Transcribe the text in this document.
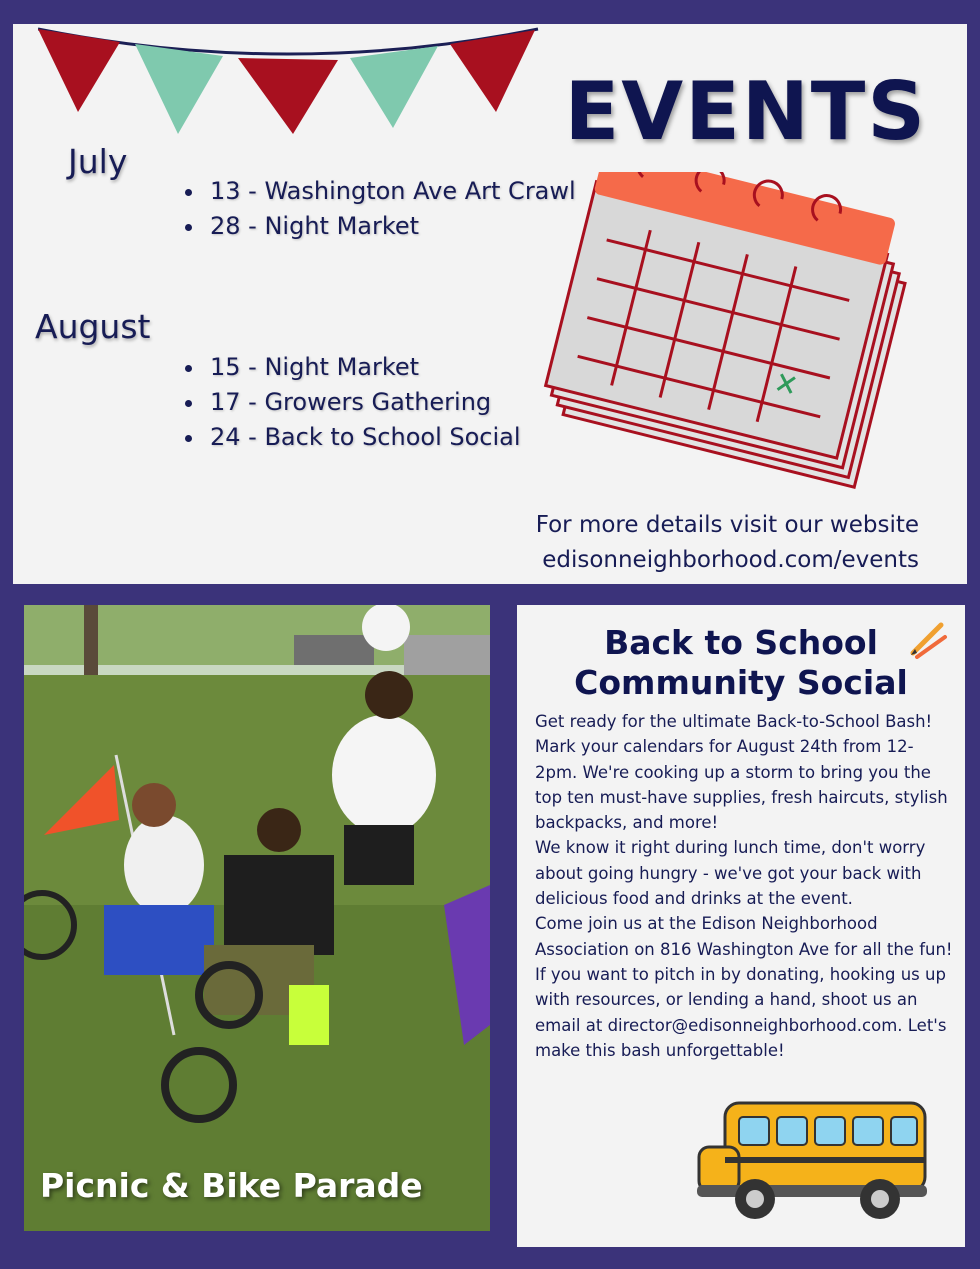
EVENTS
July
• 13 - Washington Ave Art Crawl
• 28 - Night Market
August
• 15 - Night Market
• 17 - Growers Gathering
• 24 - Back to School Social
For more details visit our website
edisonneighborhood.com/events
Picnic & Bike Parade
Back to School
Community Social

Get ready for the ultimate Back-to-School Bash! Mark your calendars for August 24th from 12-2pm. We're cooking up a storm to bring you the top ten must-have supplies, fresh haircuts, stylish backpacks, and more!

We know it right during lunch time, don't worry about going hungry - we've got your back with delicious food and drinks at the event.

Come join us at the Edison Neighborhood Association on 816 Washington Ave for all the fun!

If you want to pitch in by donating, hooking us up with resources, or lending a hand, shoot us an email at director@edisonneighborhood.com. Let's make this bash unforgettable!
